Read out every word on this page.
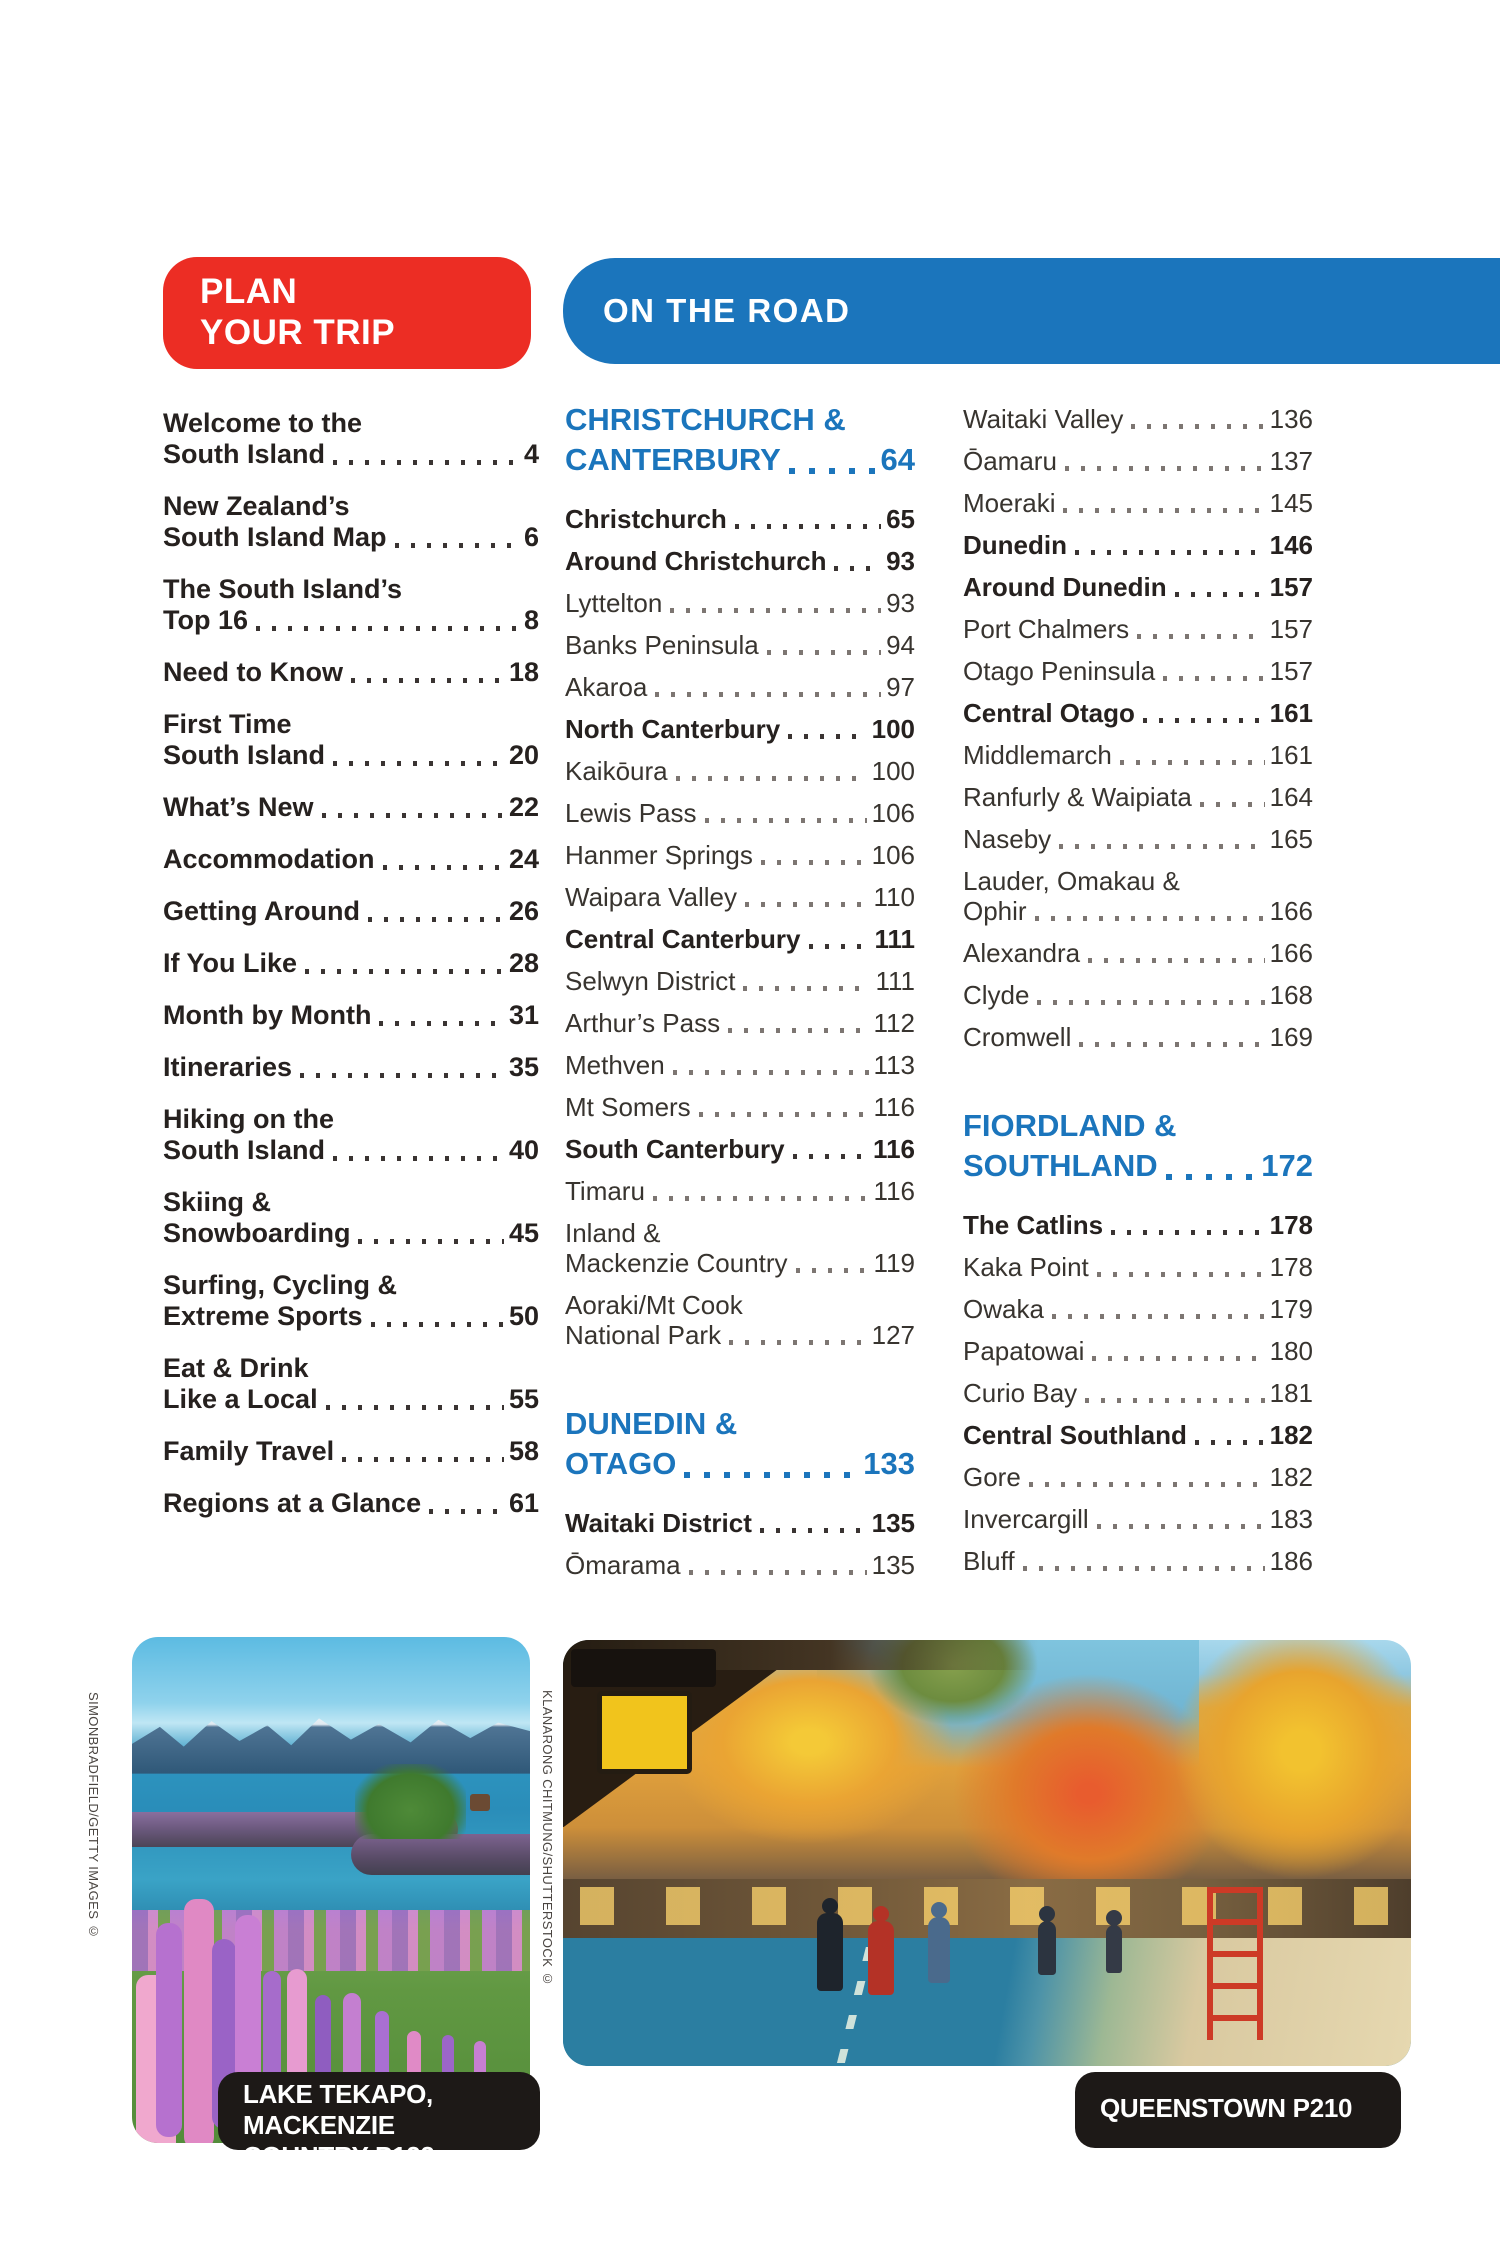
PLAN
YOUR TRIP
ON THE ROAD
Welcome to the
South Island	4
New Zealand’s
South Island Map	6
The South Island’s
Top 16	8
Need to Know	18
First Time
South Island	20
What’s New	22
Accommodation	24
Getting Around	26
If You Like	28
Month by Month	31
Itineraries	35
Hiking on the
South Island	40
Skiing &
Snowboarding	45
Surfing, Cycling &
Extreme Sports	50
Eat & Drink
Like a Local	55
Family Travel	58
Regions at a Glance	61
CHRISTCHURCH &
CANTERBURY	64
Christchurch	65
Around Christchurch 93
Lyttelton	93
Banks Peninsula	94
Akaroa	97
North Canterbury	100
Kaikōura	100
Lewis Pass	106
Hanmer Springs	106
Waipara Valley	110
Central Canterbury	111
Selwyn District	111
Arthur’s Pass	112
Methven	113
Mt Somers	116
South Canterbury	116
Timaru	116
Inland &
Mackenzie Country	119
Aoraki/Mt Cook
National Park	127
DUNEDIN &
OTAGO	133
Waitaki District	135
Ōmarama	135
Waitaki Valley	136
Ōamaru	137
Moeraki	145
Dunedin	146
Around Dunedin	157
Port Chalmers	157
Otago Peninsula	157
Central Otago	161
Middlemarch	161
Ranfurly & Waipiata	164
Naseby	165
Lauder, Omakau &
Ophir	166
Alexandra	166
Clyde	168
Cromwell	169
FIORDLAND &
SOUTHLAND	172
The Catlins	178
Kaka Point	178
Owaka	179
Papatowai	180
Curio Bay	181
Central Southland	182
Gore	182
Invercargill	183
Bluff	186
LAKE TEKAPO, MACKENZIE
COUNTRY P122
QUEENSTOWN P210
SIMONBRADFIELD/GETTY IMAGES ©	KLANARONG CHITMUNG/SHUTTERSTOCK ©
